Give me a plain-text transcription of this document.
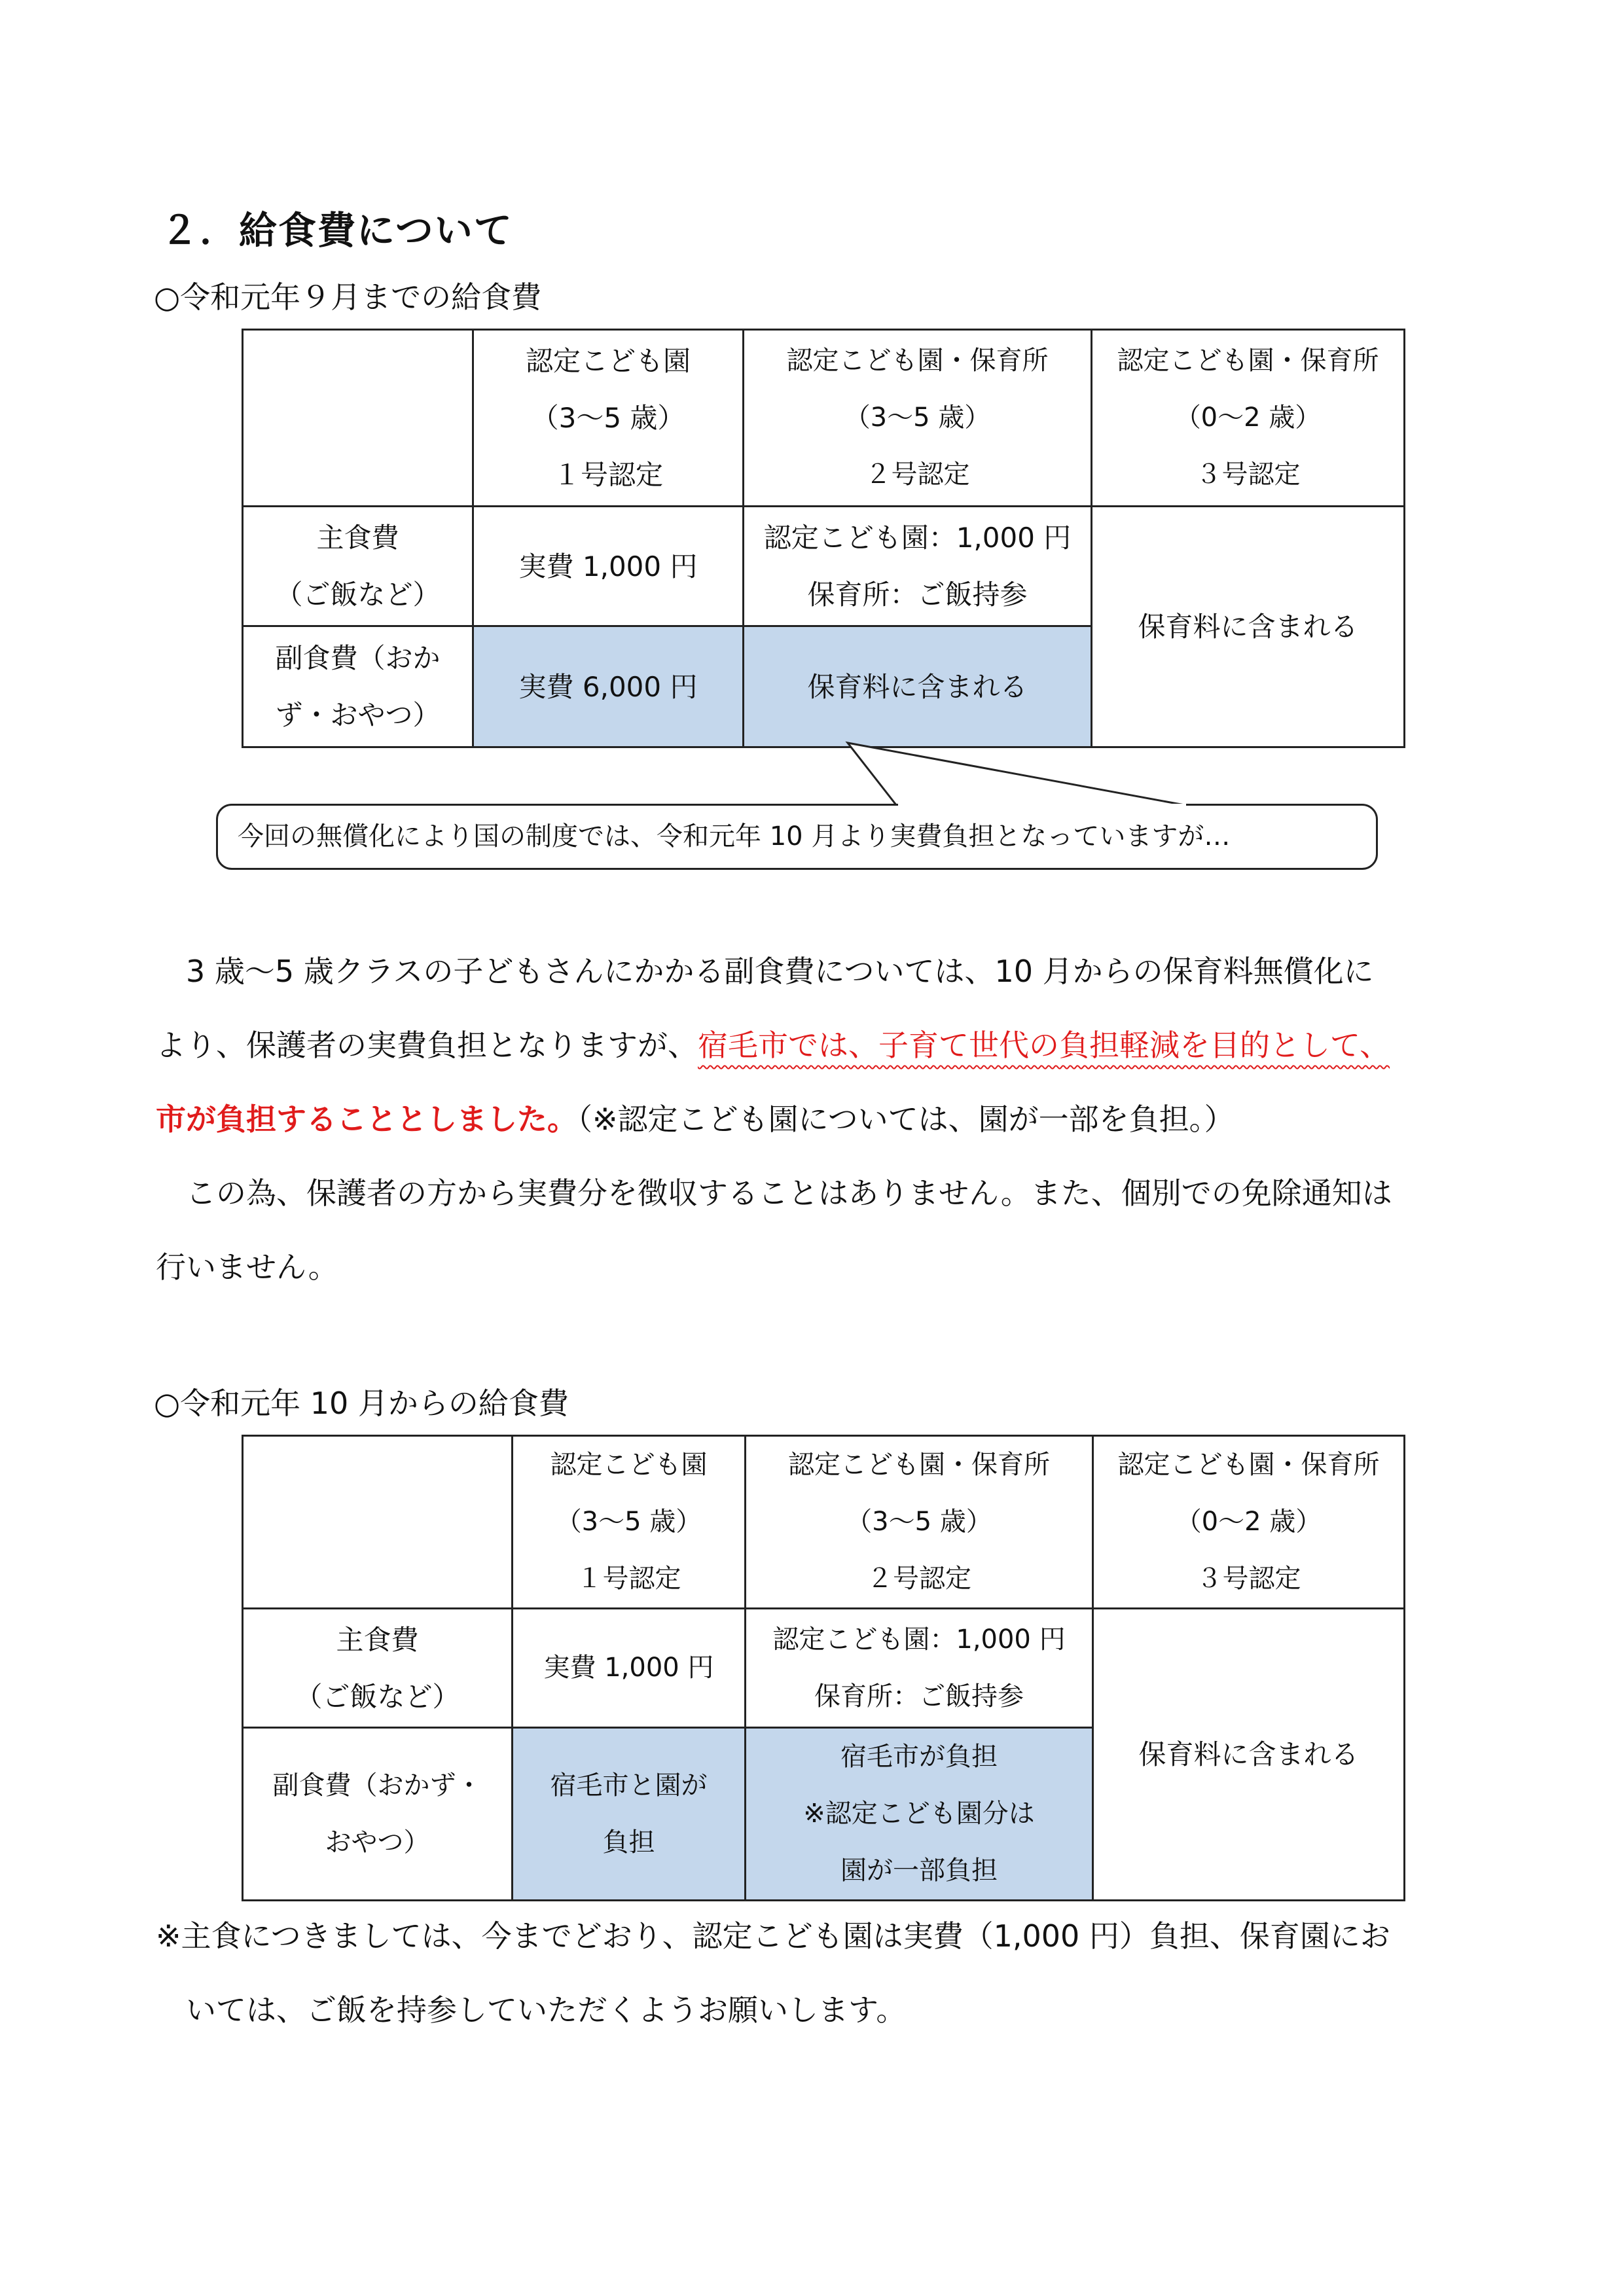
２．給食費について
○令和元年９月までの給食費

	認定こども園
（3～5 歳）
１号認定	認定こども園・保育所
（3～5 歳）
２号認定	認定こども園・保育所
（0～2 歳）
３号認定

主食費
（ご飯など）	実費 1,000 円	認定こども園：1,000 円
保育所：ご飯持参	保育料に含まれる

副食費（おか
ず・おやつ）	実費 6,000 円	保育料に含まれる	
今回の無償化により国の制度では、令和元年 10 月より実費負担となっていますが…
　3 歳～5 歳クラスの子どもさんにかかる副食費については、10 月からの保育料無償化に
より、保護者の実費負担となりますが、宿毛市では、子育て世代の負担軽減を目的として、
市が負担することとしました。（※認定こども園については、園が一部を負担。）
　この為、保護者の方から実費分を徴収することはありません。また、個別での免除通知は
行いません。
○令和元年 10 月からの給食費

	認定こども園
（3～5 歳）
１号認定	認定こども園・保育所
（3～5 歳）
２号認定	認定こども園・保育所
（0～2 歳）
３号認定

主食費
（ご飯など）	実費 1,000 円	認定こども園：1,000 円
保育所：ご飯持参	保育料に含まれる

副食費（おかず・
おやつ）	宿毛市と園が
負担	宿毛市が負担
※認定こども園分は
園が一部負担	
※主食につきましては、今までどおり、認定こども園は実費（1,000 円）負担、保育園にお
　いては、ご飯を持参していただくようお願いします。
